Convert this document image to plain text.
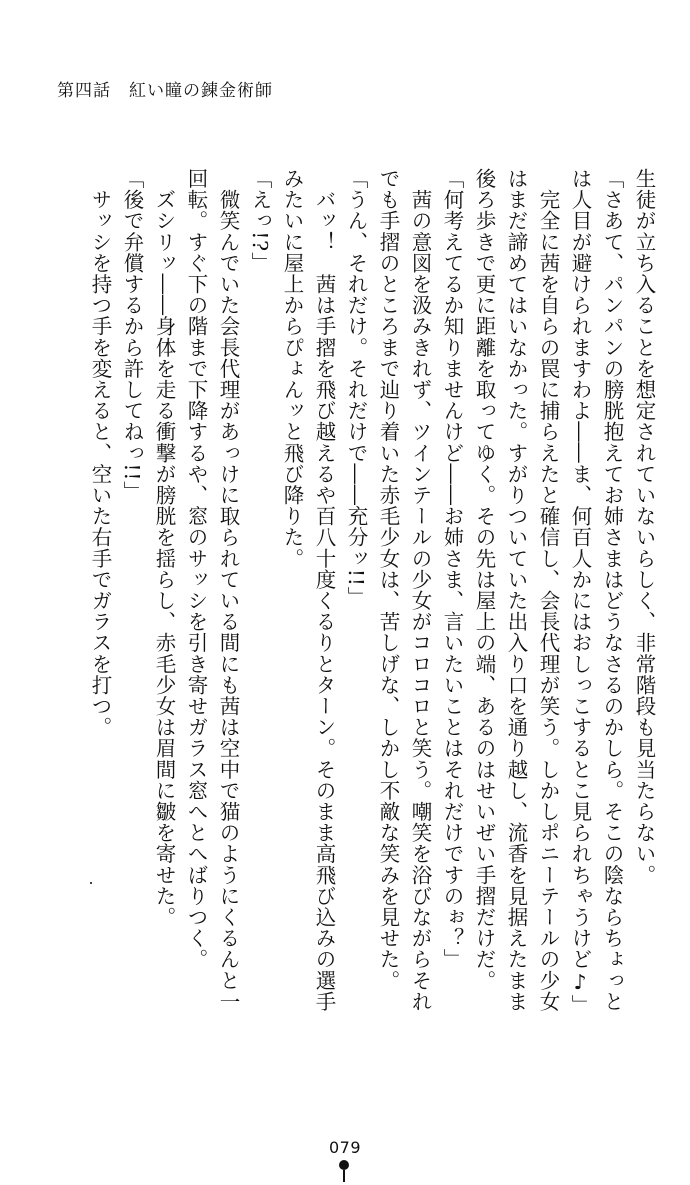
第四話 紅い瞳の錬金術師
生徒が立ち入ることを想定されていないらしく、非常階段も見当たらない。
「さあて、パンパンの膀胱抱えてお姉さまはどうなさるのかしら。そこの陰ならちょっと
は人目が避けられますわよ――ま、何百人かにはおしっこするとこ見られちゃうけど♪」
　完全に茜を自らの罠に捕らえたと確信し、会長代理が笑う。しかしポニーテールの少女
はまだ諦めてはいなかった。すがりついていた出入り口を通り越し、流香を見据えたまま
後ろ歩きで更に距離を取ってゆく。その先は屋上の端、あるのはせいぜい手摺だけだ。
「何考えてるか知りませんけど――お姉さま、言いたいことはそれだけですのぉ？」
　茜の意図を汲みきれず、ツインテールの少女がコロコロと笑う。嘲笑を浴びながらそれ
でも手摺のところまで辿り着いた赤毛少女は、苦しげな、しかし不敵な笑みを見せた。
「うん、それだけ。それだけで――充分ッ!!」
　バッ！　茜は手摺を飛び越えるや百八十度くるりとターン。そのまま高飛び込みの選手
みたいに屋上からぴょんッと飛び降りた。
「えっ!?」
　微笑んでいた会長代理があっけに取られている間にも茜は空中で猫のようにくるんと一
回転。すぐ下の階まで下降するや、窓のサッシを引き寄せガラス窓へとへばりつく。
　ズシリッ――身体を走る衝撃が膀胱を揺らし、赤毛少女は眉間に皺を寄せた。
「後で弁償するから許してねっ!!」
　サッシを持つ手を変えると、空いた右手でガラスを打つ。
079
